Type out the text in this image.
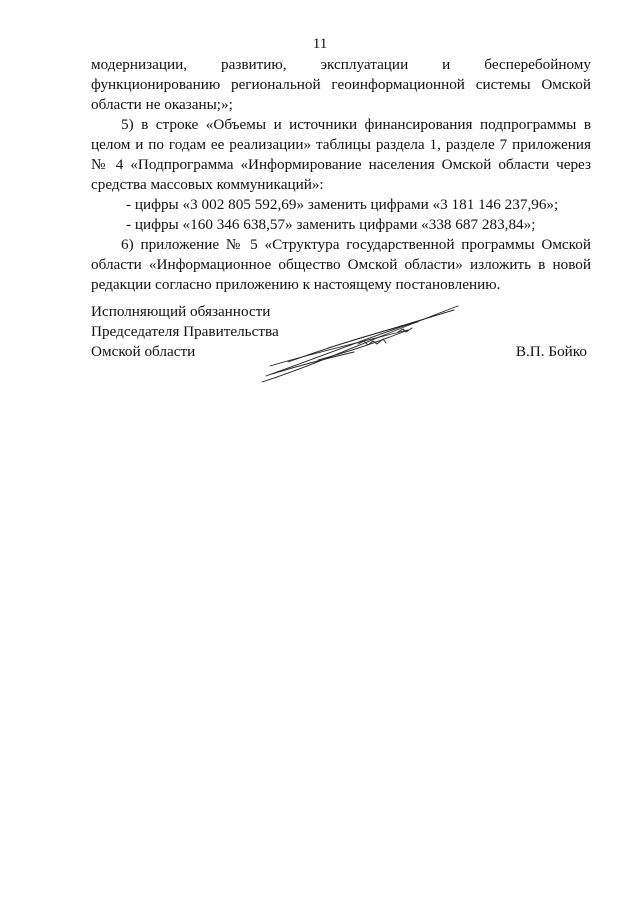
11

модернизации, развитию, эксплуатации и бесперебойному функционированию региональной геоинформационной системы Омской области не оказаны;»;

5) в строке «Объемы и источники финансирования подпрограммы в целом и по годам ее реализации» таблицы раздела 1, разделе 7 приложения № 4 «Подпрограмма «Информирование населения Омской области через средства массовых коммуникаций»:

- цифры «3 002 805 592,69» заменить цифрами «3 181 146 237,96»;

- цифры «160 346 638,57» заменить цифрами «338 687 283,84»;

6) приложение № 5 «Структура государственной программы Омской области «Информационное общество Омской области» изложить в новой редакции согласно приложению к настоящему постановлению.

Исполняющий обязанности

Председателя Правительства

Омской области	В.П. Бойко
